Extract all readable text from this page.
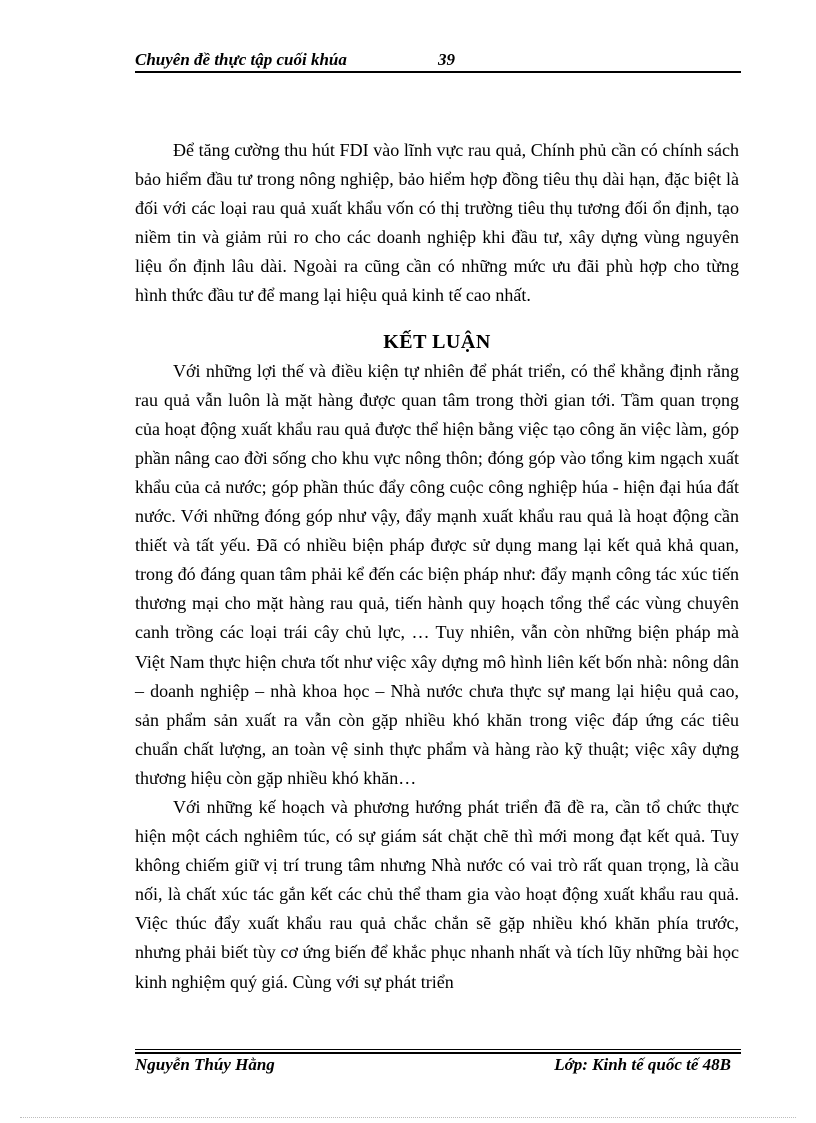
Chuyên đề thực tập cuối khúa	39

Để tăng cường thu hút FDI vào lĩnh vực rau quả, Chính phủ cần có chính sách bảo hiểm đầu tư trong nông nghiệp, bảo hiểm hợp đồng tiêu thụ dài hạn, đặc biệt là đối với các loại rau quả xuất khẩu vốn có thị trường tiêu thụ tương đối ổn định, tạo niềm tin và giảm rủi ro cho các doanh nghiệp khi đầu tư, xây dựng vùng nguyên liệu ổn định lâu dài. Ngoài ra cũng cần có những mức ưu đãi phù hợp cho từng hình thức đầu tư để mang lại hiệu quả kinh tế cao nhất.

KẾT LUẬN

Với những lợi thế và điều kiện tự nhiên để phát triển, có thể khẳng định rằng rau quả vẫn luôn là mặt hàng được quan tâm trong thời gian tới. Tầm quan trọng của hoạt động xuất khẩu rau quả được thể hiện bằng việc tạo công ăn việc làm, góp phần nâng cao đời sống cho khu vực nông thôn; đóng góp vào tổng kim ngạch xuất khẩu của cả nước; góp phần thúc đẩy công cuộc công nghiệp húa - hiện đại húa đất nước. Với những đóng góp như vậy, đẩy mạnh xuất khẩu rau quả là hoạt động cần thiết và tất yếu. Đã có nhiều biện pháp được sử dụng mang lại kết quả khả quan, trong đó đáng quan tâm phải kể đến các biện pháp như: đẩy mạnh công tác xúc tiến thương mại cho mặt hàng rau quả, tiến hành quy hoạch tổng thể các vùng chuyên canh trồng các loại trái cây chủ lực, … Tuy nhiên, vẫn còn những biện pháp mà Việt Nam thực hiện chưa tốt như việc xây dựng mô hình liên kết bốn nhà: nông dân – doanh nghiệp – nhà khoa học – Nhà nước chưa thực sự mang lại hiệu quả cao, sản phẩm sản xuất ra vẫn còn gặp nhiều khó khăn trong việc đáp ứng các tiêu chuẩn chất lượng, an toàn vệ sinh thực phẩm và hàng rào kỹ thuật; việc xây dựng thương hiệu còn gặp nhiều khó khăn…

Với những kế hoạch và phương hướng phát triển đã đề ra, cần tổ chức thực hiện một cách nghiêm túc, có sự giám sát chặt chẽ thì mới mong đạt kết quả. Tuy không chiếm giữ vị trí trung tâm nhưng Nhà nước có vai trò rất quan trọng, là cầu nối, là chất xúc tác gắn kết các chủ thể tham gia vào hoạt động xuất khẩu rau quả. Việc thúc đẩy xuất khẩu rau quả chắc chắn sẽ gặp nhiều khó khăn phía trước, nhưng phải biết tùy cơ ứng biến để khắc phục nhanh nhất và tích lũy những bài học kinh nghiệm quý giá. Cùng với sự phát triển

Nguyễn Thúy Hằng	Lớp: Kinh tế quốc tế 48B
